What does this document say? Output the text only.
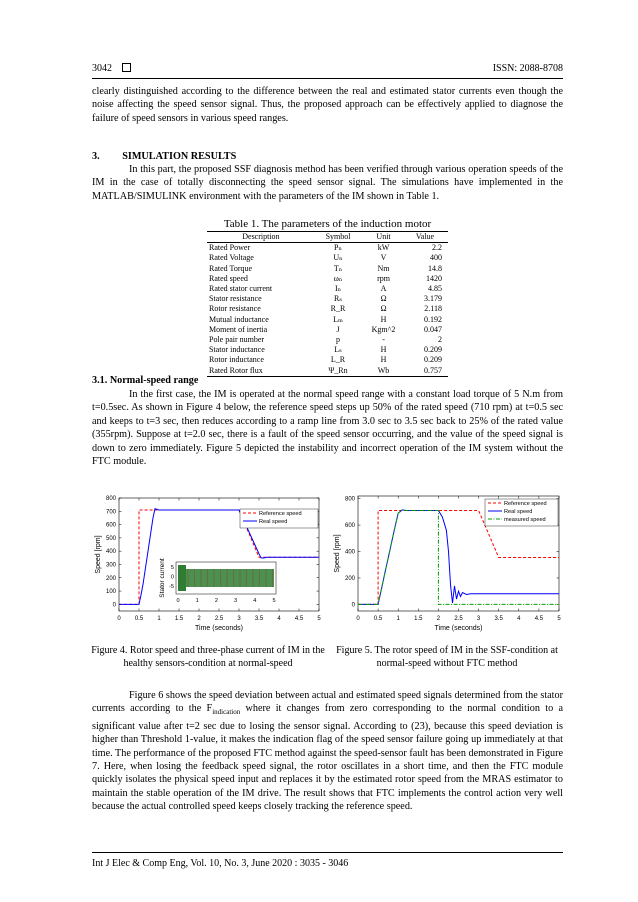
3042	ISSN: 2088-8708

clearly distinguished according to the difference between the real and estimated stator currents even though the noise affecting the speed sensor signal. Thus, the proposed approach can be effectively applied to diagnose the failure of speed sensors in various speed ranges.

3. SIMULATION RESULTS

In this part, the proposed SSF diagnosis method has been verified through various operation speeds of the IM in the case of totally disconnecting the speed sensor signal. The simulations have implemented in the MATLAB/SIMULINK environment with the parameters of the IM shown in Table 1.

Table 1. The parameters of the induction motor
Description	Symbol	Unit	Value
Rated Power	Pₙ	kW	2.2
Rated Voltage	Uₙ	V	400
Rated Torque	Tₙ	Nm	14.8
Rated speed	ωₙ	rpm	1420
Rated stator current	Iₙ	A	4.85
Stator resistance	Rₛ	Ω	3.179
Rotor resistance	R_R	Ω	2.118
Mutual inductance	Lₘ	H	0.192
Moment of inertia	J	Kgm^2	0.047
Pole pair number	p	-	2
Stator inductance	Lₛ	H	0.209
Rotor inductance	L_R	H	0.209
Rated Rotor flux	Ψ_Rn	Wb	0.757
3.1. Normal-speed range

In the first case, the IM is operated at the normal speed range with a constant load torque of 5 N.m from t=0.5sec. As shown in Figure 4 below, the reference speed steps up 50% of the rated speed (710 rpm) at t=0.5 sec and keeps to t=3 sec, then reduces according to a ramp line from 3.0 sec to 3.5 sec back to 25% of the rated value (355rpm). Suppose at t=2.0 sec, there is a fault of the speed sensor occurring, and the value of the speed signal is down to zero immediately. Figure 5 depicted the instability and incorrect operation of the IM system without the FTC module.

0 0.5 1 1.5 2 2.5 3 3.5 4 4.5 5
0
100
200
300
400
500
600
700
800
Time (seconds)
Speed [rpm]
Reference speed
Real speed
0	1	2	3	4	5
5
0
-5
Stator current
Figure 4. Rotor speed and three-phase current of IM in the healthy sensors-condition at normal-speed
0 0.5 1 1.5 2 2.5 3 3.5 4 4.5 5
0
200
400
600
800
Time (seconds)
Speed [rpm]
Reference speed
Real speed
measured speed
Figure 5. The rotor speed of IM in the SSF-condition at normal-speed without FTC method

Figure 6 shows the speed deviation between actual and estimated speed signals determined from the stator currents according to the $F_{indication}$ where it changes from zero corresponding to the normal condition to a significant value after t=2 sec due to losing the sensor signal. According to (23), because this speed deviation is higher than Threshold 1-value, it makes the indication flag of the speed sensor failure going up immediately at that time. The performance of the proposed FTC method against the speed-sensor fault has been demonstrated in Figure 7. Here, when losing the feedback speed signal, the rotor oscillates in a short time, and then the FTC module quickly isolates the physical speed input and replaces it by the estimated rotor speed from the MRAS estimator to maintain the stable operation of the IM drive. The result shows that FTC implements the control action very well because the actual controlled speed keeps closely tracking the reference speed.

Int J Elec & Comp Eng, Vol. 10, No. 3, June 2020 : 3035 - 3046
